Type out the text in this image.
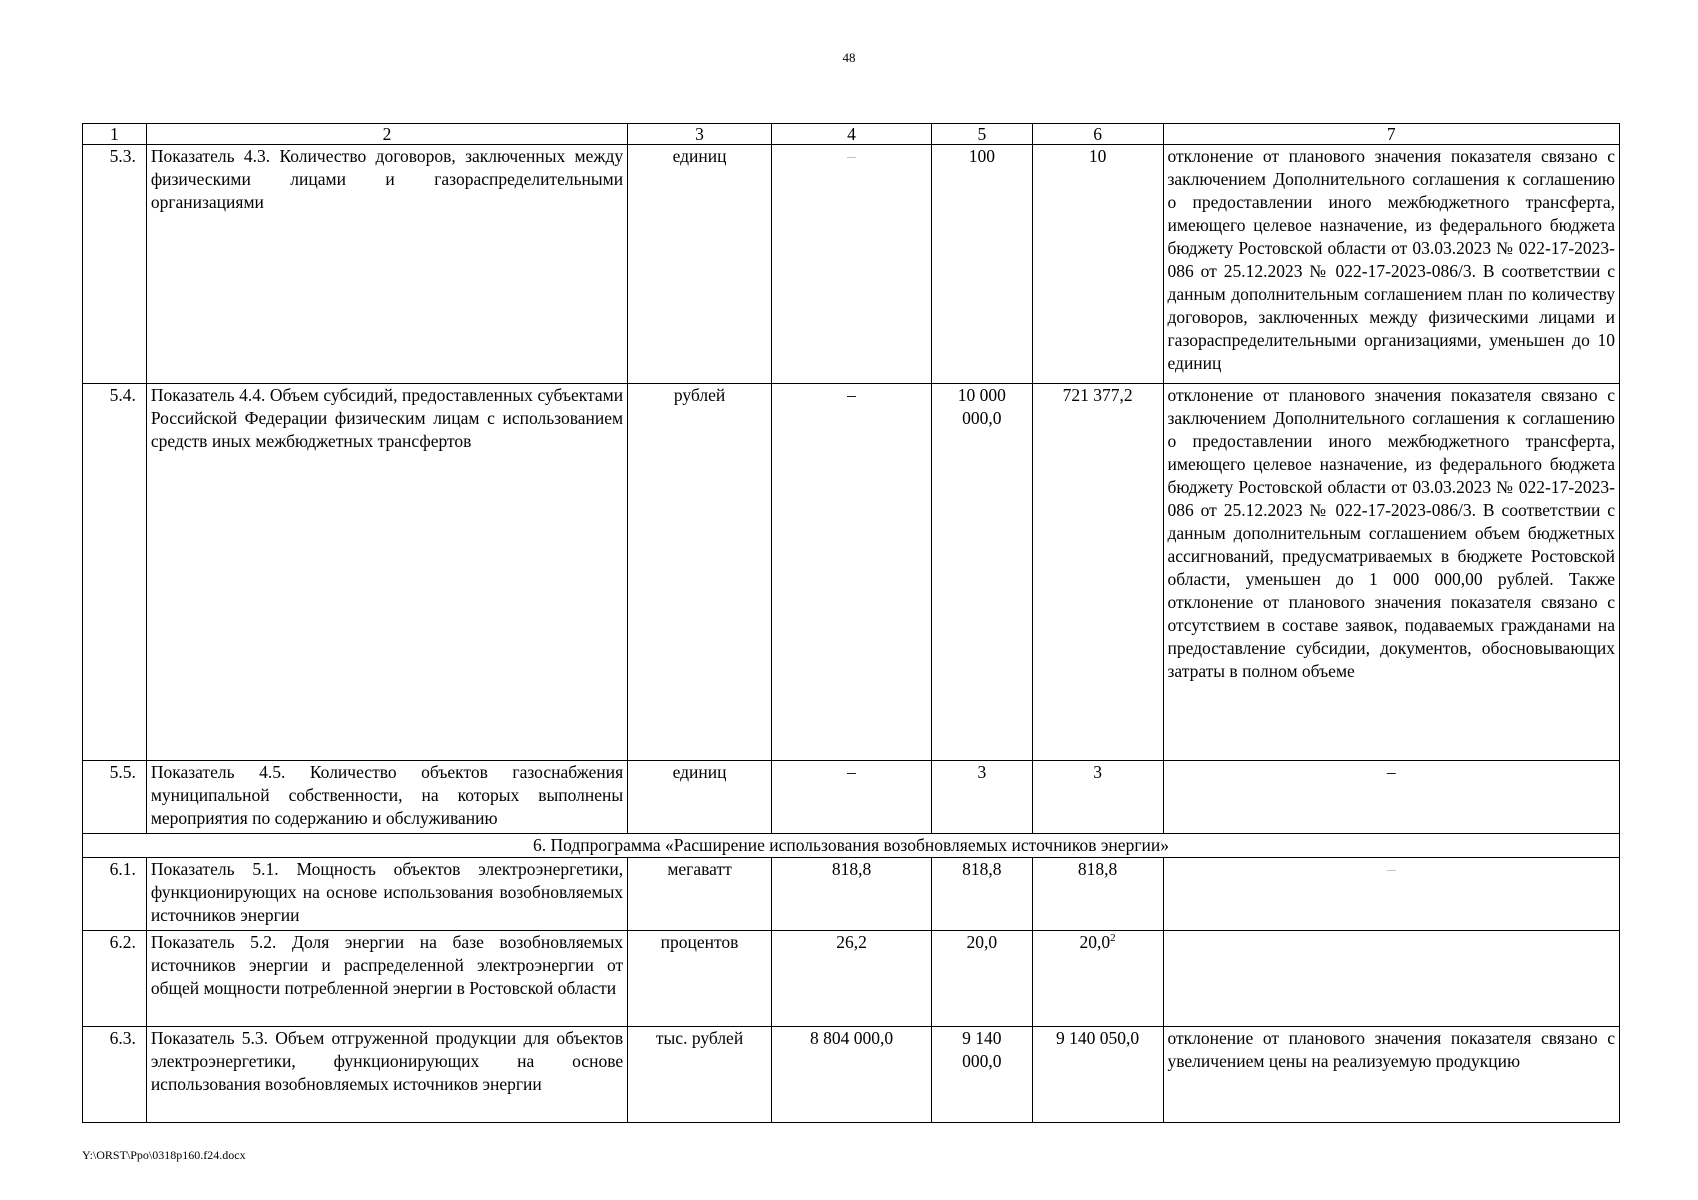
48
1	2	3	4	5	6	7
5.3.	Показатель 4.3. Количество договоров, заключенных между физическими лицами и газораспределительными организациями	единиц	–	100	10	отклонение от планового значения показателя связано с заключением Дополнительного соглашения к соглашению о предоставлении иного межбюджетного трансферта, имеющего целевое назначение, из федерального бюджета бюджету Ростовской области от 03.03.2023 № 022-17-2023-086 от 25.12.2023 № 022-17-2023-086/3. В соответствии с данным дополнительным соглашением план по количеству договоров, заключенных между физическими лицами и газораспределительными организациями, уменьшен до 10 единиц
5.4.	Показатель 4.4. Объем субсидий, предоставленных субъектами Российской Федерации физическим лицам с использованием средств иных межбюджетных трансфертов	рублей	–	10 000 000,0	721 377,2	отклонение от планового значения показателя связано с заключением Дополнительного соглашения к соглашению о предоставлении иного межбюджетного трансферта, имеющего целевое назначение, из федерального бюджета бюджету Ростовской области от 03.03.2023 № 022-17-2023-086 от 25.12.2023 № 022-17-2023-086/3. В соответствии с данным дополнительным соглашением объем бюджетных ассигнований, предусматриваемых в бюджете Ростовской области, уменьшен до 1 000 000,00 рублей. Также отклонение от планового значения показателя связано с отсутствием в составе заявок, подаваемых гражданами на предоставление субсидии, документов, обосновывающих затраты в полном объеме
5.5.	Показатель 4.5. Количество объектов газоснабжения муниципальной собственности, на которых выполнены мероприятия по содержанию и обслуживанию	единиц	–	3	3	–
6. Подпрограмма «Расширение использования возобновляемых источников энергии»						
6.1.	Показатель 5.1. Мощность объектов электроэнергетики, функционирующих на основе использования возобновляемых источников энергии	мегаватт	818,8	818,8	818,8	–
6.2.	Показатель 5.2. Доля энергии на базе возобновляемых источников энергии и распределенной электроэнергии от общей мощности потребленной энергии в Ростовской области	процентов	26,2	20,0	20,0$^2$	
6.3.	Показатель 5.3. Объем отгруженной продукции для объектов электроэнергетики, функционирующих на основе использования возобновляемых источников энергии	тыс. рублей	8 804 000,0	9 140 000,0	9 140 050,0	отклонение от планового значения показателя связано с увеличением цены на реализуемую продукцию
Y:\ORST\Ppo\0318p160.f24.docx
